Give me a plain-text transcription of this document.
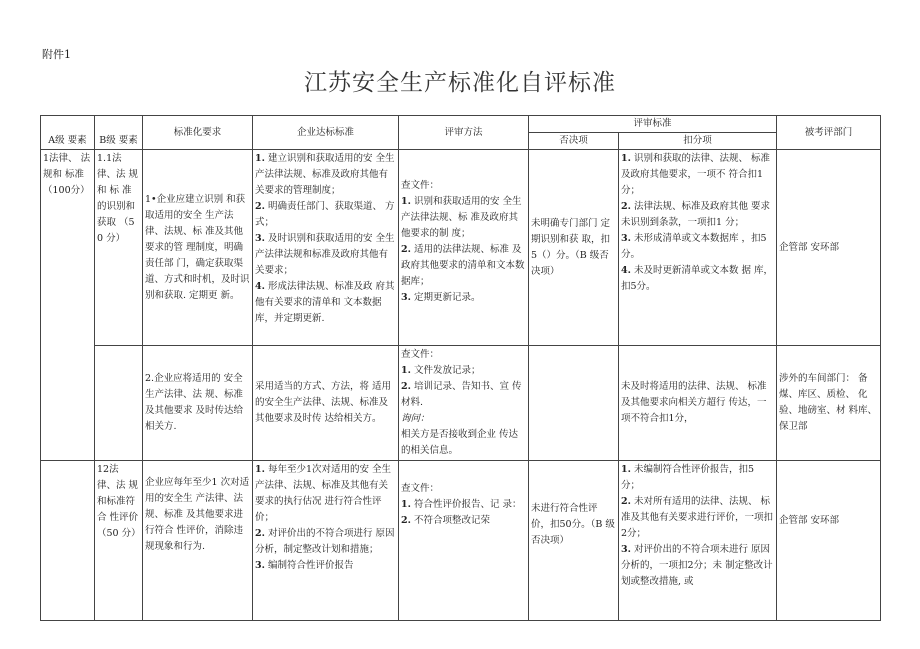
附件1
江苏安全生产标准化自评标准
A级 要素	B级 要素	标准化要求	企业达标标准	评审方法	评审标准		被考评部门
					否决项	扣分项	
1法律、 法规和 标准（100分）	1.1法 律、法 规和 标 准的识别和获取 （50 分）	1•企业应建立识别 和获取适用的安全 生产法律、法规、标 准及其他要求的管 理制度，明确责任部 门，确定获取渠道、方式和时机，及时识 别和获取. 定期更 新。	1. 建立识别和获取适用的安 全生产法律法规、标准及政府其他有关要求的管理制度；
2. 明确责任部门、获取渠道、 方式；
3. 及时识别和获取适用的安 全生产法律法规和标准及政府其他有关要求；
4. 形成法律法规、标准及政 府其他有关要求的清单和 文本数据库，并定期更新.	查文件：
1. 识别和获取适用的安 全生产法律法规、标 准及政府其他要求的制 度；
2. 适用的法律法规、标准 及政府其他要求的清单和文本数据库；
3. 定期更新记录。	未明确专门部门 定期识别和获 取，扣5（）分。（B 级否决项）	1. 识别和获取的法律、法规、 标准及政府其他要求，一项不 符合扣1分；
2. 法律法规、标准及政府其他 要求未识别到条款，一项扣1 分；
3. 未形成清单或文本数据库 ，扣5分。
4. 未及时更新清单或文本数 据 库，扣5分。	企管部 安环部
		2.企业应将适用的 安全生产法律、法 规、标准及其他要求 及时传达给相关方.	采用适当的方式、方法，将 适用的安全生产法律、法规、标准及其他要求及时传 达给相关方。	查文件：
1. 文件发放记录；
2. 培训记录、告知书、宣 传材料.
询问：
相关方是否接收到企业 传达的相关信息。		未及时将适用的法律、法规、 标准及其他要求向相关方超行 传达，一项不符合扣1分，	涉外的车间部门： 备煤、库区、质检、 化验、地磅室、材 料库、保卫部
	12法 律、法 规和标准符合 性评价 （50 分）	企业应每年至少1 次对适用的安全生 产法律、法规、标准 及其他要求进行符合 性评价，消除违规现象和行为.	1. 每年至少1次对适用的安 全生产法律、法规、标准及其他有关要求的执行估况 进行符合性评价；
2. 对评价出的不符合项进行 原因分析，制定整改计划和措施；
3. 编制符合性评价报告	查文件：
1. 符合性评价报告、记 录：
2. 不符合项整改记荣	未进行符合性评 价，扣50分。（B 级否决项）	1. 未编制符合性评价报告，扣5 分；
2. 未对所有适用的法律、法规、 标准及其他有关要求进行评价，一项扣2分；
3. 对评价出的不符合项未进行 原因分析的，一项扣2分；未 制定整改计划或整改措施, 或	企管部 安环部
